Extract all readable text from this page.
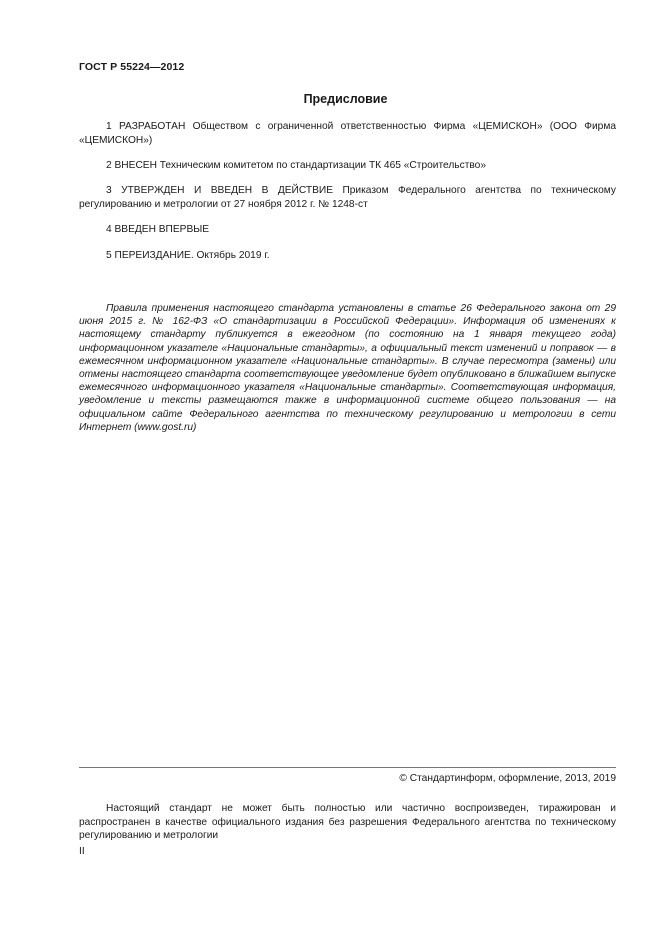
ГОСТ Р 55224—2012
Предисловие
1 РАЗРАБОТАН Обществом с ограниченной ответственностью Фирма «ЦЕМИСКОН» (ООО Фирма «ЦЕМИСКОН»)
2 ВНЕСЕН Техническим комитетом по стандартизации ТК 465 «Строительство»
3 УТВЕРЖДЕН И ВВЕДЕН В ДЕЙСТВИЕ Приказом Федерального агентства по техническому регулированию и метрологии от 27 ноября 2012 г. № 1248-ст
4 ВВЕДЕН ВПЕРВЫЕ
5 ПЕРЕИЗДАНИЕ. Октябрь 2019 г.
Правила применения настоящего стандарта установлены в статье 26 Федерального закона от 29 июня 2015 г. № 162-ФЗ «О стандартизации в Российской Федерации». Информация об изменениях к настоящему стандарту публикуется в ежегодном (по состоянию на 1 января текущего года) информационном указателе «Национальные стандарты», а официальный текст изменений и поправок — в ежемесячном информационном указателе «Национальные стандарты». В случае пересмотра (замены) или отмены настоящего стандарта соответствующее уведомление будет опубликовано в ближайшем выпуске ежемесячного информационного указателя «Национальные стандарты». Соответствующая информация, уведомление и тексты размещаются также в информационной системе общего пользования — на официальном сайте Федерального агентства по техническому регулированию и метрологии в сети Интернет (www.gost.ru)
© Стандартинформ, оформление, 2013, 2019
Настоящий стандарт не может быть полностью или частично воспроизведен, тиражирован и распространен в качестве официального издания без разрешения Федерального агентства по техническому регулированию и метрологии
II
